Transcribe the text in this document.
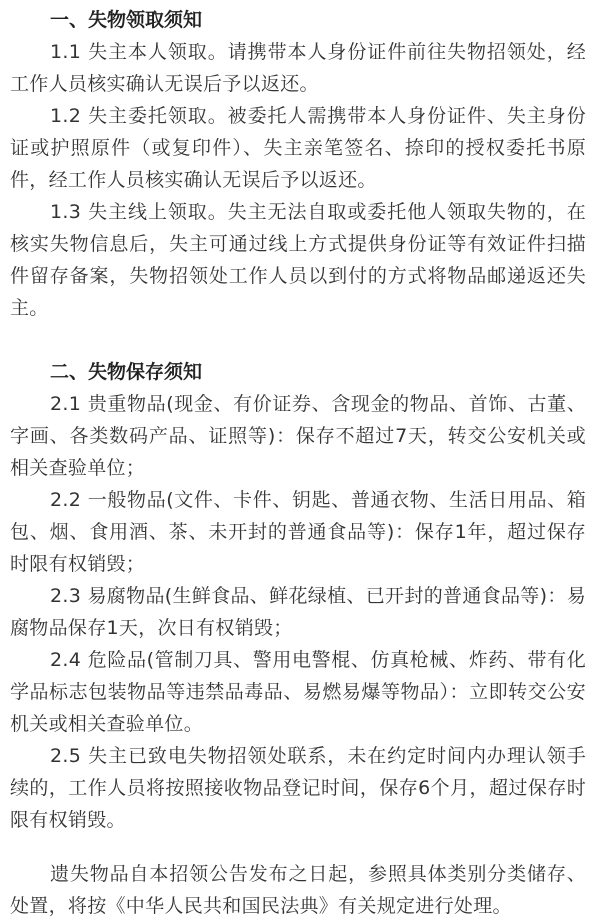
一、失物领取须知

1.1 失主本人领取。请携带本人身份证件前往失物招领处，经工作人员核实确认无误后予以返还。

1.2 失主委托领取。被委托人需携带本人身份证件、失主身份证或护照原件（或复印件）、失主亲笔签名、捺印的授权委托书原件，经工作人员核实确认无误后予以返还。

1.3 失主线上领取。失主无法自取或委托他人领取失物的，在核实失物信息后，失主可通过线上方式提供身份证等有效证件扫描件留存备案，失物招领处工作人员以到付的方式将物品邮递返还失主。

二、失物保存须知

2.1 贵重物品(现金、有价证券、含现金的物品、首饰、古董、字画、各类数码产品、证照等)：保存不超过7天，转交公安机关或相关查验单位；

2.2 一般物品(文件、卡件、钥匙、普通衣物、生活日用品、箱包、烟、食用酒、茶、未开封的普通食品等)：保存1年，超过保存时限有权销毁；

2.3 易腐物品(生鲜食品、鲜花绿植、已开封的普通食品等)：易腐物品保存1天，次日有权销毁；

2.4 危险品(管制刀具、警用电警棍、仿真枪械、炸药、带有化学品标志包装物品等违禁品毒品、易燃易爆等物品）：立即转交公安机关或相关查验单位。

2.5 失主已致电失物招领处联系，未在约定时间内办理认领手续的，工作人员将按照接收物品登记时间，保存6个月，超过保存时限有权销毁。

遗失物品自本招领公告发布之日起，参照具体类别分类储存、处置，将按《中华人民共和国民法典》有关规定进行处理。
